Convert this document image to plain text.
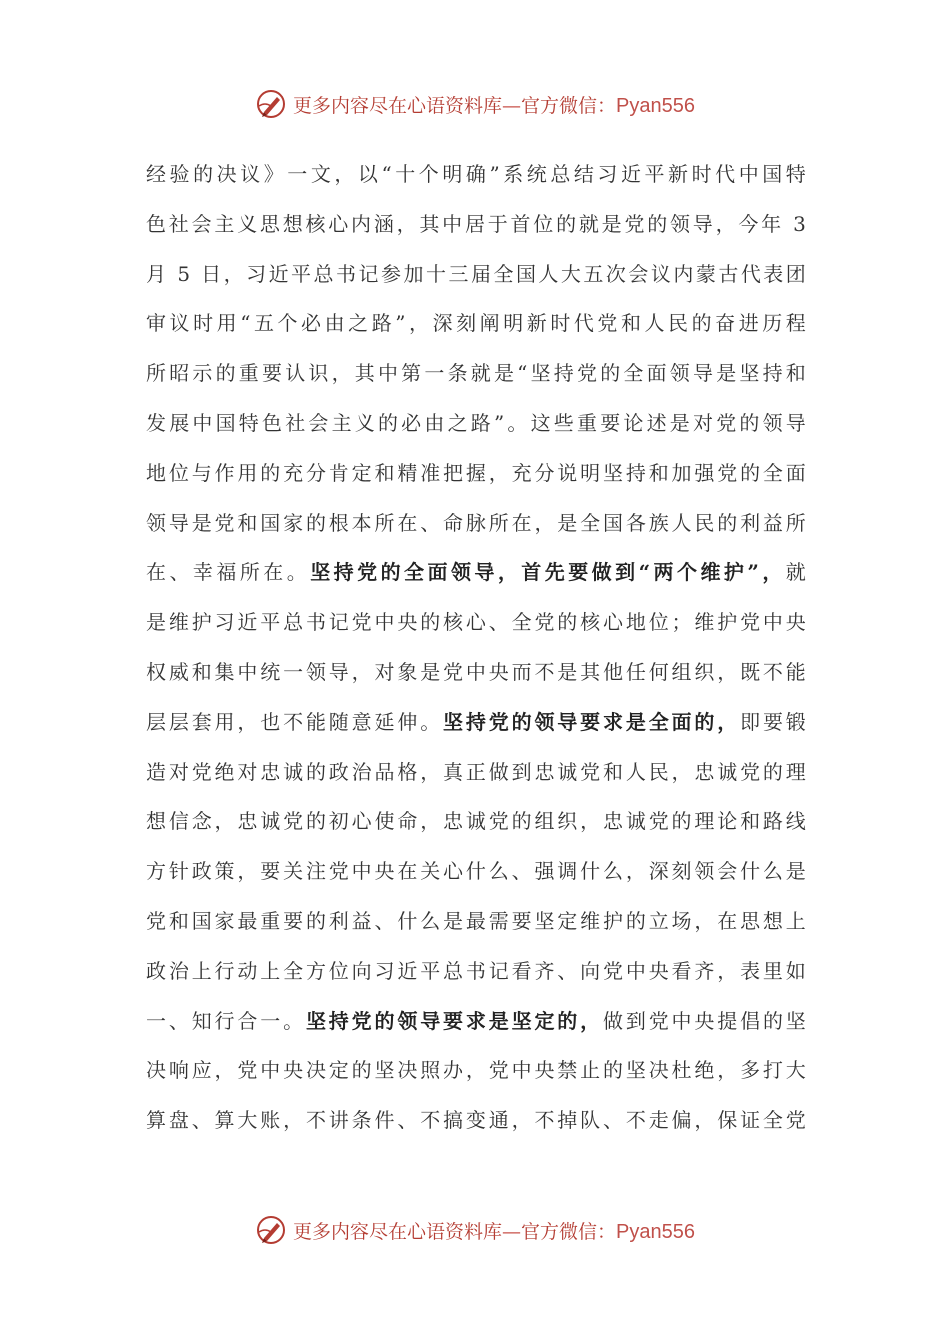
更多内容尽在心语资料库—官方微信：Pyan556
经验的决议》一文，以“十个明确”系统总结习近平新时代中国特
色社会主义思想核心内涵，其中居于首位的就是党的领导，今年 3
月 5 日，习近平总书记参加十三届全国人大五次会议内蒙古代表团
审议时用“五个必由之路”，深刻阐明新时代党和人民的奋进历程
所昭示的重要认识，其中第一条就是“坚持党的全面领导是坚持和
发展中国特色社会主义的必由之路”。这些重要论述是对党的领导
地位与作用的充分肯定和精准把握，充分说明坚持和加强党的全面
领导是党和国家的根本所在、命脉所在，是全国各族人民的利益所
在、幸福所在。坚持党的全面领导，首先要做到“两个维护”，就
是维护习近平总书记党中央的核心、全党的核心地位；维护党中央
权威和集中统一领导，对象是党中央而不是其他任何组织，既不能
层层套用，也不能随意延伸。坚持党的领导要求是全面的，即要锻
造对党绝对忠诚的政治品格，真正做到忠诚党和人民，忠诚党的理
想信念，忠诚党的初心使命，忠诚党的组织，忠诚党的理论和路线
方针政策，要关注党中央在关心什么、强调什么，深刻领会什么是
党和国家最重要的利益、什么是最需要坚定维护的立场，在思想上
政治上行动上全方位向习近平总书记看齐、向党中央看齐，表里如
一、知行合一。坚持党的领导要求是坚定的，做到党中央提倡的坚
决响应，党中央决定的坚决照办，党中央禁止的坚决杜绝，多打大
算盘、算大账，不讲条件、不搞变通，不掉队、不走偏，保证全党
更多内容尽在心语资料库—官方微信：Pyan556
